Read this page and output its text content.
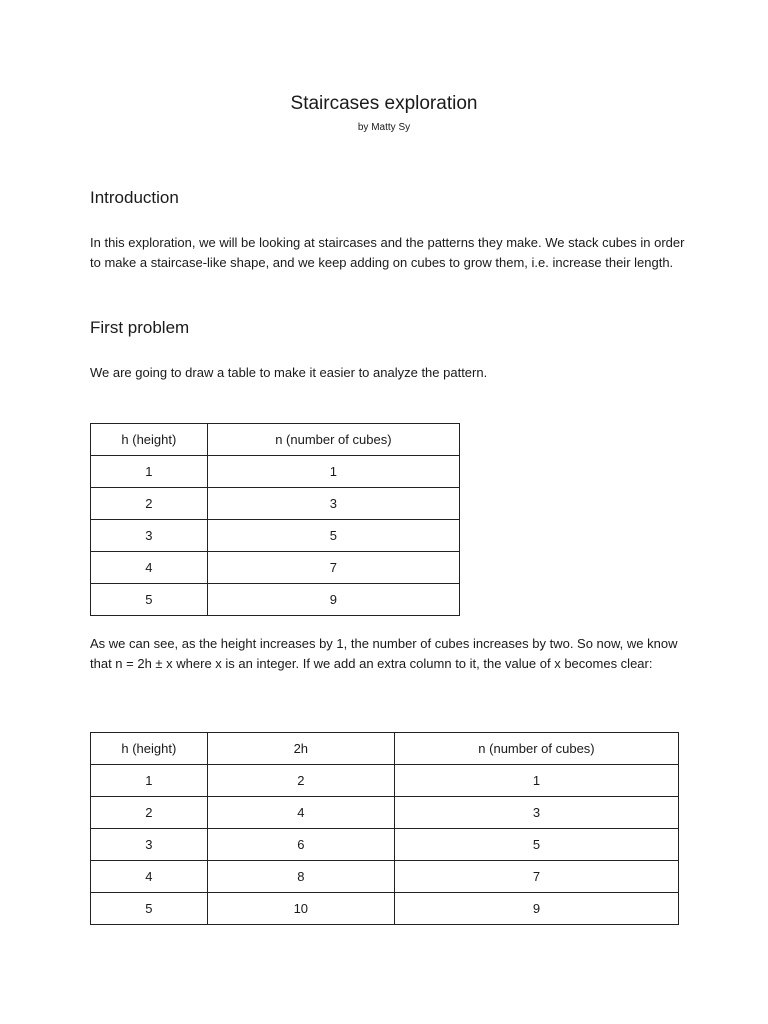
Staircases exploration
by Matty Sy
Introduction
In this exploration, we will be looking at staircases and the patterns they make. We stack cubes in order to make a staircase-like shape, and we keep adding on cubes to grow them, i.e. increase their length.
First problem
We are going to draw a table to make it easier to analyze the pattern.
h (height)	n (number of cubes)
1	1
2	3
3	5
4	7
5	9
As we can see, as the height increases by 1, the number of cubes increases by two. So now, we know that n = 2h ± x where x is an integer. If we add an extra column to it, the value of x becomes clear:
h (height)	2h	n (number of cubes)
1	2	1
2	4	3
3	6	5
4	8	7
5	10	9
